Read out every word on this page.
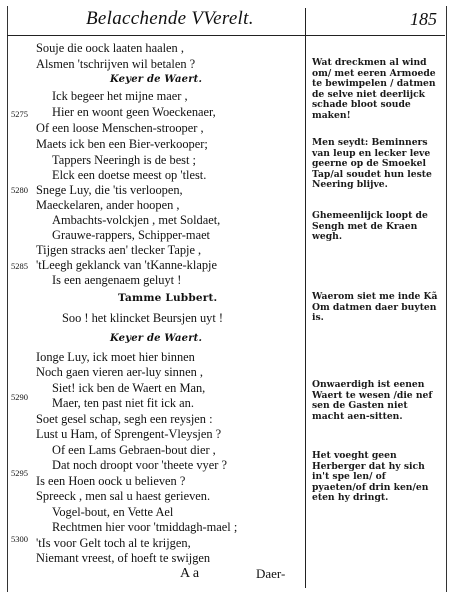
Belacchende VVerelt.	185
5275
5280
5285
5290
5295
5300
Souje die oock laaten haalen ,
Alsmen 'tschrijven wil betalen ?
Keyer de Waert.
Ick begeer het mijne maer ,
Hier en woont geen Woeckenaer,
Of een loose Menschen-strooper ,
Maets ick ben een Bier-verkooper;
Tappers Neeringh is de best ;
Elck een doetse meest op 'tlest.
Snege Luy, die 'tis verloopen,
Maeckelaren, ander hoopen ,
Ambachts-volckjen , met Soldaet,
Grauwe-rappers, Schipper-maet
Tijgen stracks aen' tlecker Tapje ,
'tLeegh geklanck van 'tKanne-klapje
Is een aengenaem geluyt !
Tamme Lubbert.
Soo ! het klincket Beursjen uyt !
Keyer de Waert.
Ionge Luy, ick moet hier binnen
Noch gaen vieren aer-luy sinnen ,
Siet! ick ben de Waert en Man,
Maer, ten past niet fit ick an.
Soet gesel schap, segh een reysjen :
Lust u Ham, of Sprengent-Vleysjen ?
Of een Lams Gebraen-bout dier ,
Dat noch droopt voor 'theete vyer ?
Is een Hoen oock u believen ?
Spreeck , men sal u haest gerieven.
Vogel-bout, en Vette Ael
Rechtmen hier voor 'tmiddagh-mael ;
'tIs voor Gelt toch al te krijgen,
Niemant vreest, of hoeft te swijgen
A a	Daer-
Wat dreckmen al wind om/ met eeren Armoede te bewimpelen / datmen de selve niet deerlijck schade bloot soude maken!
Men seydt: Beminners van leup en lecker leve geerne op de Smoekel Tap/al soudet hun leste Neering blijve.
Ghemeenlijck loopt de Sengh met de Kraen wegh.
Waerom siet me inde Kã Om datmen daer buyten is.
Onwaerdigh ist eenen Waert te wesen /die nef sen de Gasten niet macht aen-sitten.
Het voeght geen Herberger dat hy sich in't spe len/ of pyaeten/of drin ken/en eten hy dringt.
